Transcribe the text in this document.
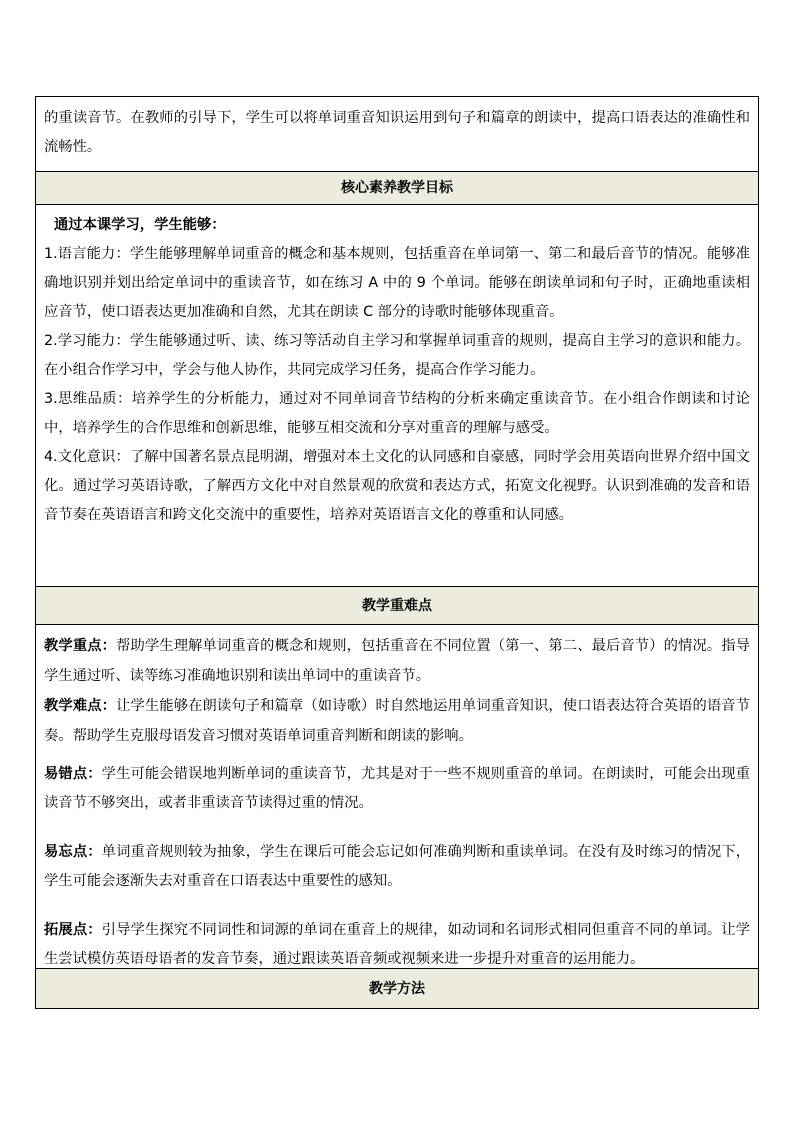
的重读音节。在教师的引导下，学生可以将单词重音知识运用到句子和篇章的朗读中，提高口语表达的准确性和流畅性。

核心素养教学目标

通过本课学习，学生能够：

1.语言能力：学生能够理解单词重音的概念和基本规则，包括重音在单词第一、第二和最后音节的情况。能够准确地识别并划出给定单词中的重读音节，如在练习 A 中的 9 个单词。能够在朗读单词和句子时，正确地重读相应音节，使口语表达更加准确和自然，尤其在朗读 C 部分的诗歌时能够体现重音。

2.学习能力：学生能够通过听、读、练习等活动自主学习和掌握单词重音的规则，提高自主学习的意识和能力。在小组合作学习中，学会与他人协作，共同完成学习任务，提高合作学习能力。

3.思维品质：培养学生的分析能力，通过对不同单词音节结构的分析来确定重读音节。在小组合作朗读和讨论中，培养学生的合作思维和创新思维，能够互相交流和分享对重音的理解与感受。

4.文化意识：了解中国著名景点昆明湖，增强对本土文化的认同感和自豪感，同时学会用英语向世界介绍中国文化。通过学习英语诗歌，了解西方文化中对自然景观的欣赏和表达方式，拓宽文化视野。认识到准确的发音和语音节奏在英语语言和跨文化交流中的重要性，培养对英语语言文化的尊重和认同感。

教学重难点

教学重点：帮助学生理解单词重音的概念和规则，包括重音在不同位置（第一、第二、最后音节）的情况。指导学生通过听、读等练习准确地识别和读出单词中的重读音节。

教学难点：让学生能够在朗读句子和篇章（如诗歌）时自然地运用单词重音知识，使口语表达符合英语的语音节奏。帮助学生克服母语发音习惯对英语单词重音判断和朗读的影响。

易错点：学生可能会错误地判断单词的重读音节，尤其是对于一些不规则重音的单词。在朗读时，可能会出现重读音节不够突出，或者非重读音节读得过重的情况。

易忘点：单词重音规则较为抽象，学生在课后可能会忘记如何准确判断和重读单词。在没有及时练习的情况下，学生可能会逐渐失去对重音在口语表达中重要性的感知。

拓展点：引导学生探究不同词性和词源的单词在重音上的规律，如动词和名词形式相同但重音不同的单词。让学生尝试模仿英语母语者的发音节奏，通过跟读英语音频或视频来进一步提升对重音的运用能力。

教学方法
